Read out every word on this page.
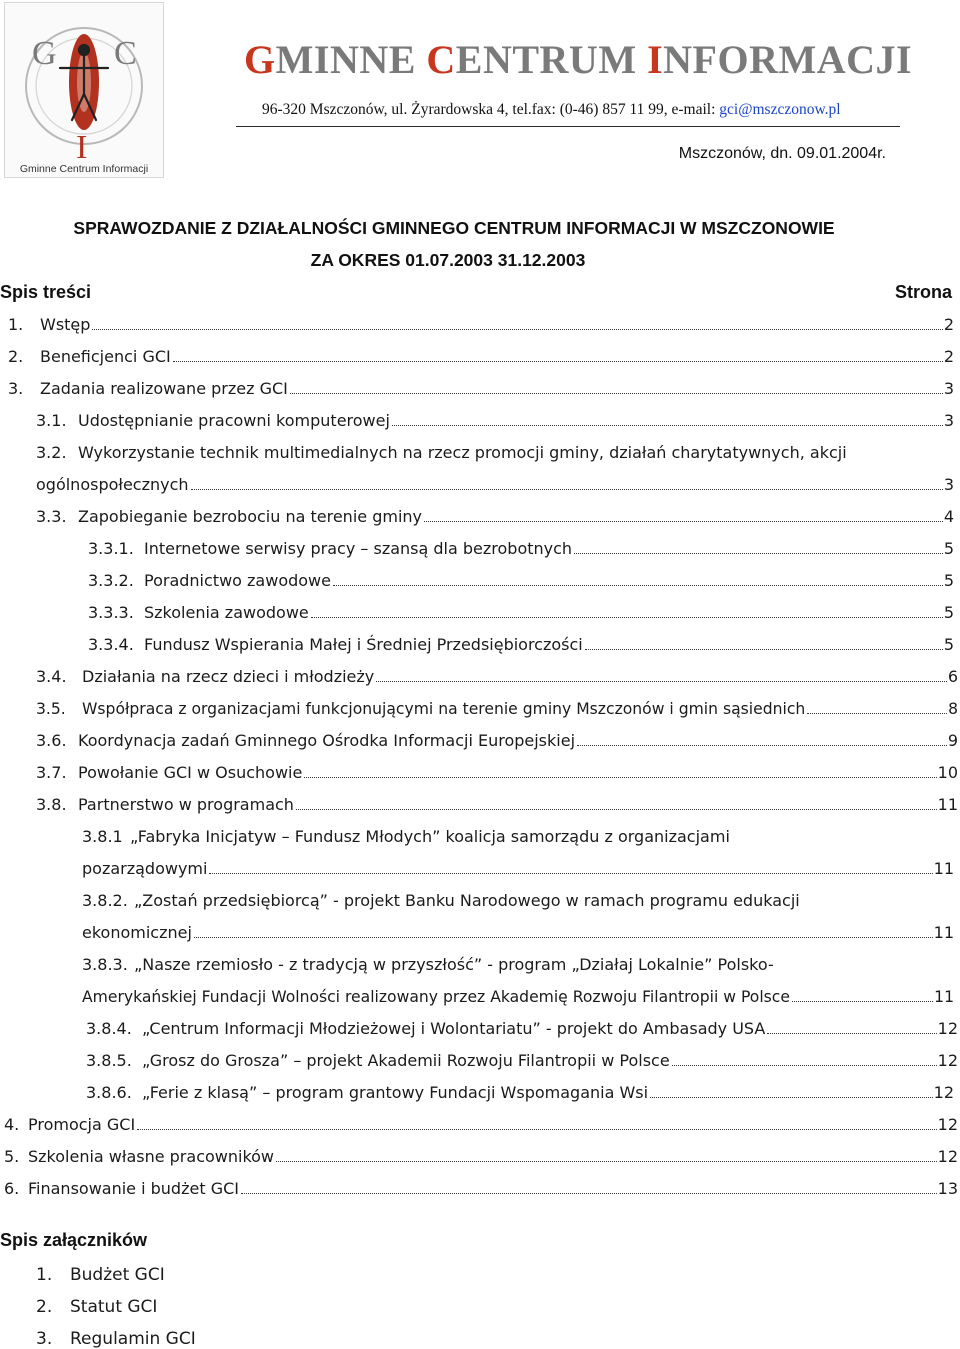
G C
I
Gminne Centrum Informacji
GMINNE CENTRUM INFORMACJI
96-320 Mszczonów, ul. Żyrardowska 4, tel.fax: (0-46) 857 11 99, e-mail: gci@mszczonow.pl
Mszczonów, dn. 09.01.2004r.
SPRAWOZDANIE Z DZIAŁALNOŚCI GMINNEGO CENTRUM INFORMACJI W MSZCZONOWIE
ZA OKRES 01.07.2003 31.12.2003
Spis treści	Strona
1.	Wstęp	2
2.	Beneficjenci GCI	2
3.	Zadania realizowane przez GCI	3
3.1. Udostępnianie pracowni komputerowej	3
3.2. Wykorzystanie technik multimedialnych na rzecz promocji gminy, działań charytatywnych, akcji
ogólnospołecznych	3
3.3. Zapobieganie bezrobociu na terenie gminy	4
3.3.1. Internetowe serwisy pracy – szansą dla bezrobotnych	5
3.3.2. Poradnictwo zawodowe	5
3.3.3. Szkolenia zawodowe	5
3.3.4. Fundusz Wspierania Małej i Średniej Przedsiębiorczości	5
3.4. Działania na rzecz dzieci i młodzieży	6
3.5.	Współpraca z organizacjami funkcjonującymi na terenie gminy Mszczonów i gmin sąsiednich	8
3.6. Koordynacja zadań Gminnego Ośrodka Informacji Europejskiej	9
3.7. Powołanie GCI w Osuchowie	10
3.8. Partnerstwo w programach	11
3.8.1 „Fabryka Inicjatyw – Fundusz Młodych” koalicja samorządu z organizacjami
pozarządowymi	11
3.8.2. „Zostań przedsiębiorcą” - projekt Banku Narodowego w ramach programu edukacji
ekonomicznej	11
3.8.3. „Nasze rzemiosło - z tradycją w przyszłość” - program „Działaj Lokalnie” Polsko-
Amerykańskiej Fundacji Wolności realizowany przez Akademię Rozwoju Filantropii w Polsce	11
3.8.4. „Centrum Informacji Młodzieżowej i Wolontariatu” - projekt do Ambasady USA	12
3.8.5. „Grosz do Grosza” – projekt Akademii Rozwoju Filantropii w Polsce	12
3.8.6. „Ferie z klasą” – program grantowy Fundacji Wspomagania Wsi	12
4. Promocja GCI	12
5. Szkolenia własne pracowników	12
6. Finansowanie i budżet GCI	13
Spis załączników
1. Budżet GCI
2. Statut GCI
3. Regulamin GCI
